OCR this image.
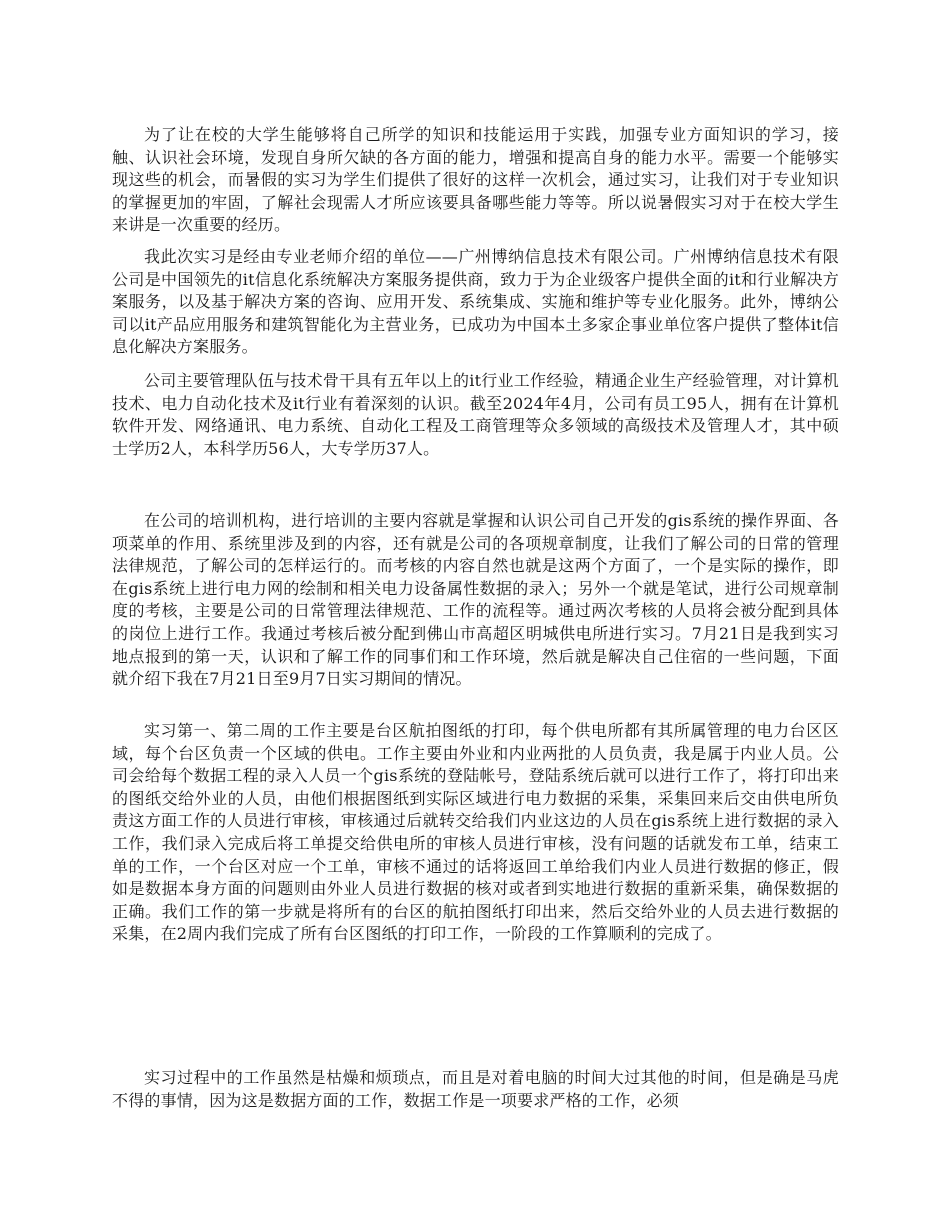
为了让在校的大学生能够将自己所学的知识和技能运用于实践，加强专业方面知识的学习，接触、认识社会环境，发现自身所欠缺的各方面的能力，增强和提高自身的能力水平。需要一个能够实现这些的机会，而暑假的实习为学生们提供了很好的这样一次机会，通过实习，让我们对于专业知识的掌握更加的牢固，了解社会现需人才所应该要具备哪些能力等等。所以说暑假实习对于在校大学生来讲是一次重要的经历。

我此次实习是经由专业老师介绍的单位——广州博纳信息技术有限公司。广州博纳信息技术有限公司是中国领先的it信息化系统解决方案服务提供商，致力于为企业级客户提供全面的it和行业解决方案服务，以及基于解决方案的咨询、应用开发、系统集成、实施和维护等专业化服务。此外，博纳公司以it产品应用服务和建筑智能化为主营业务，已成功为中国本土多家企事业单位客户提供了整体it信息化解决方案服务。

公司主要管理队伍与技术骨干具有五年以上的it行业工作经验，精通企业生产经验管理，对计算机技术、电力自动化技术及it行业有着深刻的认识。截至2024年4月，公司有员工95人，拥有在计算机软件开发、网络通讯、电力系统、自动化工程及工商管理等众多领域的高级技术及管理人才，其中硕士学历2人，本科学历56人，大专学历37人。

在公司的培训机构，进行培训的主要内容就是掌握和认识公司自己开发的gis系统的操作界面、各项菜单的作用、系统里涉及到的内容，还有就是公司的各项规章制度，让我们了解公司的日常的管理法律规范，了解公司的怎样运行的。而考核的内容自然也就是这两个方面了，一个是实际的操作，即在gis系统上进行电力网的绘制和相关电力设备属性数据的录入；另外一个就是笔试，进行公司规章制度的考核，主要是公司的日常管理法律规范、工作的流程等。通过两次考核的人员将会被分配到具体的岗位上进行工作。我通过考核后被分配到佛山市高超区明城供电所进行实习。7月21日是我到实习地点报到的第一天，认识和了解工作的同事们和工作环境，然后就是解决自己住宿的一些问题，下面就介绍下我在7月21日至9月7日实习期间的情况。

实习第一、第二周的工作主要是台区航拍图纸的打印，每个供电所都有其所属管理的电力台区区域，每个台区负责一个区域的供电。工作主要由外业和内业两批的人员负责，我是属于内业人员。公司会给每个数据工程的录入人员一个gis系统的登陆帐号，登陆系统后就可以进行工作了，将打印出来的图纸交给外业的人员，由他们根据图纸到实际区域进行电力数据的采集，采集回来后交由供电所负责这方面工作的人员进行审核，审核通过后就转交给我们内业这边的人员在gis系统上进行数据的录入工作，我们录入完成后将工单提交给供电所的审核人员进行审核，没有问题的话就发布工单，结束工单的工作，一个台区对应一个工单，审核不通过的话将返回工单给我们内业人员进行数据的修正，假如是数据本身方面的问题则由外业人员进行数据的核对或者到实地进行数据的重新采集，确保数据的正确。我们工作的第一步就是将所有的台区的航拍图纸打印出来，然后交给外业的人员去进行数据的采集，在2周内我们完成了所有台区图纸的打印工作，一阶段的工作算顺利的完成了。

实习过程中的工作虽然是枯燥和烦琐点，而且是对着电脑的时间大过其他的时间，但是确是马虎不得的事情，因为这是数据方面的工作，数据工作是一项要求严格的工作，必须
